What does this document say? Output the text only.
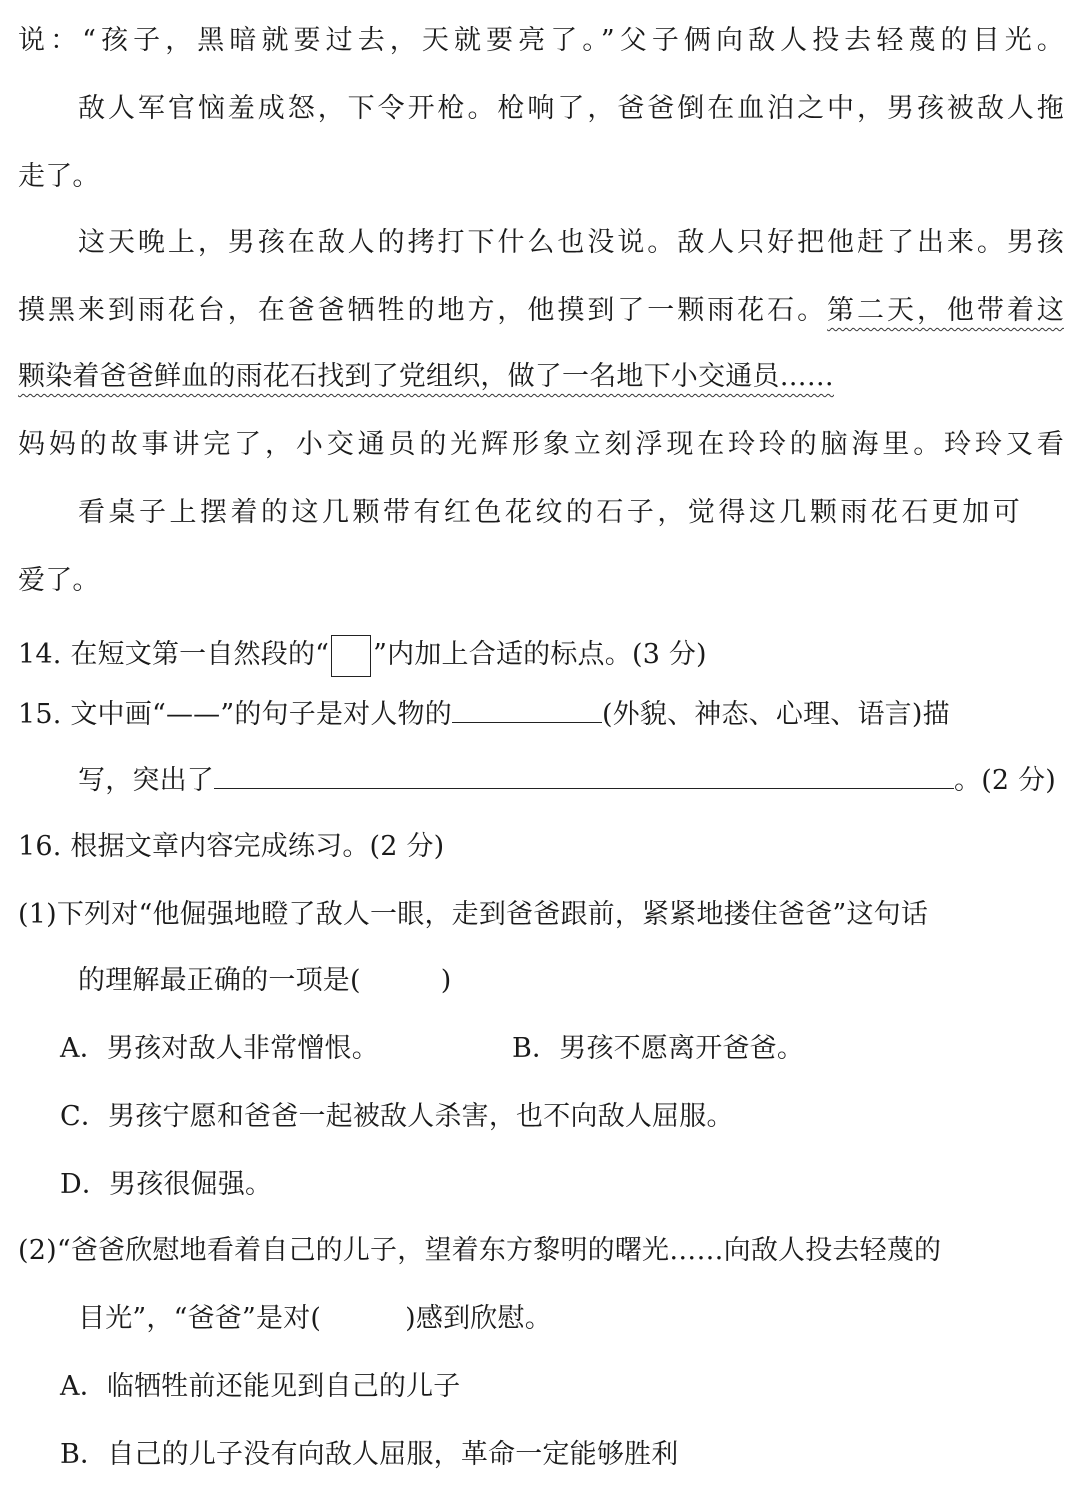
说：“孩子，黑暗就要过去，天就要亮了。”父子俩向敌人投去轻蔑的目光。
敌人军官恼羞成怒，下令开枪。枪响了，爸爸倒在血泊之中，男孩被敌人拖
走了。
这天晚上，男孩在敌人的拷打下什么也没说。敌人只好把他赶了出来。男孩
摸黑来到雨花台，在爸爸牺牲的地方，他摸到了一颗雨花石。第二天，他带着这
颗染着爸爸鲜血的雨花石找到了党组织，做了一名地下小交通员……
妈妈的故事讲完了，小交通员的光辉形象立刻浮现在玲玲的脑海里。玲玲又看
看桌子上摆着的这几颗带有红色花纹的石子，觉得这几颗雨花石更加可
爱了。
14. 在短文第一自然段的“ ”内加上合适的标点。(3 分)
15. 文中画“——”的句子是对人物的	(外貌、神态、心理、语言)描
写，突出了	。(2 分)
16. 根据文章内容完成练习。(2 分)
(1)下列对“他倔强地瞪了敌人一眼，走到爸爸跟前，紧紧地搂住爸爸”这句话
的理解最正确的一项是(	)
A．男孩对敌人非常憎恨。	B．男孩不愿离开爸爸。
C．男孩宁愿和爸爸一起被敌人杀害，也不向敌人屈服。
D．男孩很倔强。
(2)“爸爸欣慰地看着自己的儿子，望着东方黎明的曙光……向敌人投去轻蔑的
目光”，“爸爸”是对(	)感到欣慰。
A．临牺牲前还能见到自己的儿子
B．自己的儿子没有向敌人屈服，革命一定能够胜利
